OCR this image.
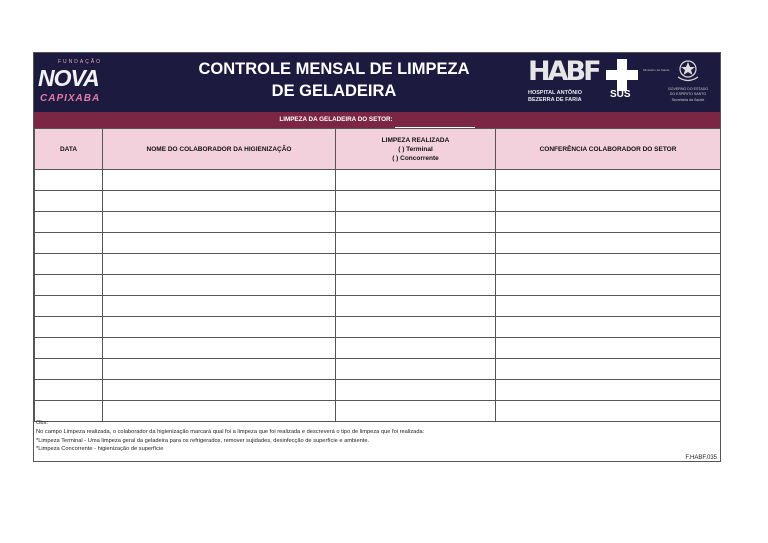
FUNDAÇÃO
NOVA
CAPIXABA
CONTROLE MENSAL DE LIMPEZA
DE GELADEIRA
HABF
HOSPITAL ANTÔNIO
BEZERRA DE FARIA	SUS
Ministério da Saúde
GOVERNO DO ESTADO
DO ESPÍRITO SANTO
Secretaria da Saúde
LIMPEZA DA GELADEIRA DO SETOR:
DATA	NOME DO COLABORADOR DA HIGIENIZAÇÃO	LIMPEZA REALIZADA
( ) Terminal
( ) Concorrente	CONFERÊNCIA COLABORADOR DO SETOR

Obs:
No campo Limpeza realizada, o colaborador da higienização marcará qual foi a limpeza que foi realizada e descreverá o tipo de limpeza que foi realizada:
*Limpeza Terminal - Uma limpeza geral da geladeira para os refrigerados, remover sujidades, desinfecção de superfície e ambiente.
*Limpeza Concorrente - higienização de superfície
F.HABF.035
